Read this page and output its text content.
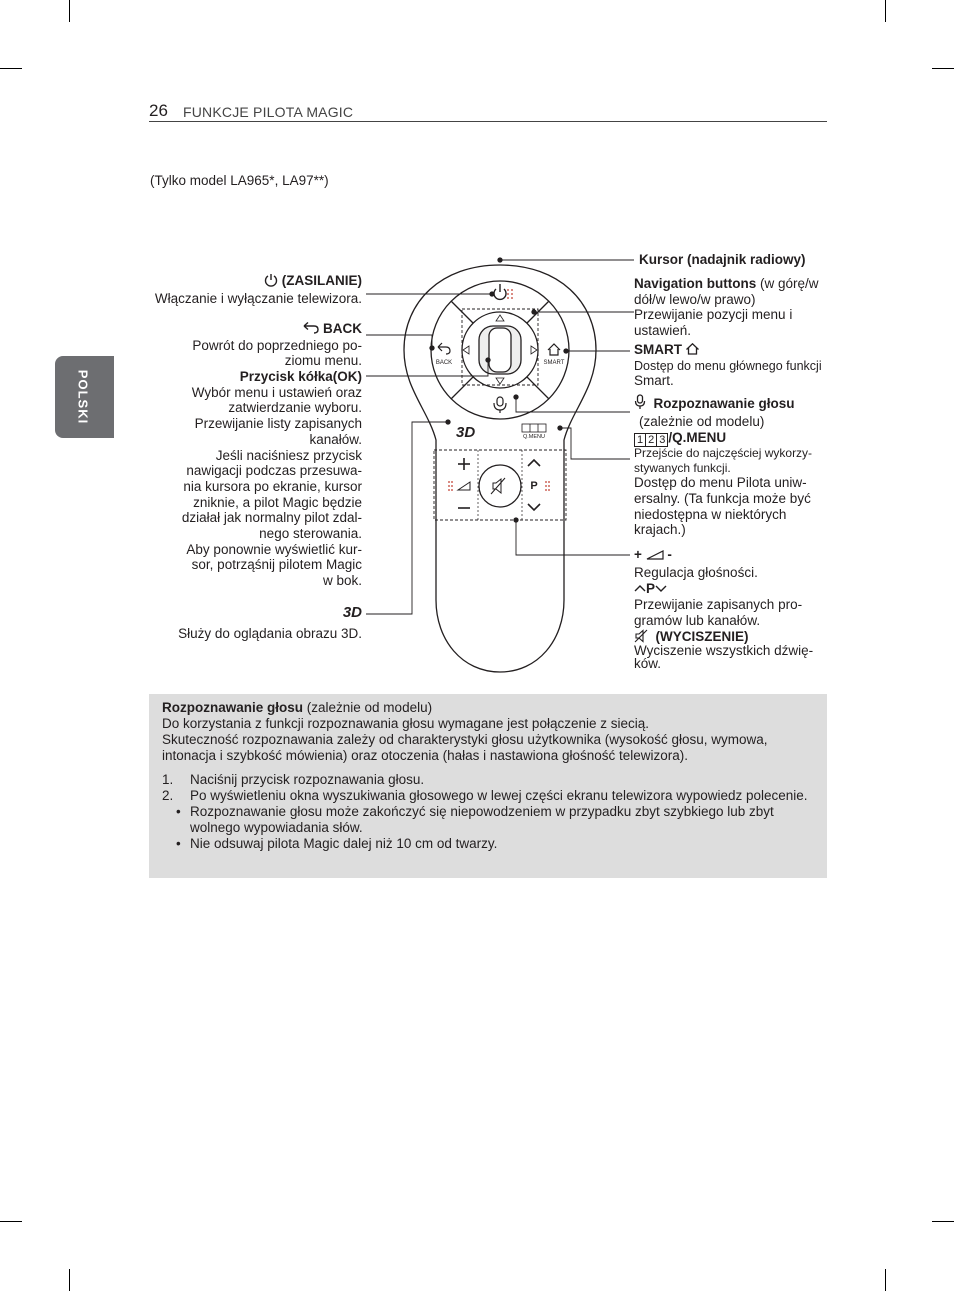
26 FUNKCJE PILOTA MAGIC
POLSKI
(Tylko model LA965*, LA97**)
BACK	SMART
3D	Q.MENU
P
(ZASILANIE)
Włączanie i wyłączanie telewizora.
BACK
Powrót do poprzedniego po-
ziomu menu.
Przycisk kółka(OK)
Wybór menu i ustawień oraz
zatwierdzanie wyboru.
Przewijanie listy zapisanych
kanałów.
Jeśli naciśniesz przycisk
nawigacji podczas przesuwa-
nia kursora po ekranie, kursor
zniknie, a pilot Magic będzie
działał jak normalny pilot zdal-
nego sterowania.
Aby ponownie wyświetlić kur-
sor, potrząśnij pilotem Magic
w bok.
3D
Służy do oglądania obrazu 3D.
Kursor (nadajnik radiowy)
Navigation buttons (w górę/w
dół/w lewo/w prawo)
Przewijanie pozycji menu i
ustawień.
SMART
Dostęp do menu głównego funkcji
Smart.
Rozpoznawanie głosu
(zależnie od modelu)
1 2 3 /Q.MENU
Przejście do najczęściej wykorzy-
stywanych funkcji.
Dostęp do menu Pilota uniw-
ersalny. (Ta funkcja może być
niedostępna w niektórych
krajach.)
+ -
Regulacja głośności.
P
Przewijanie zapisanych pro-
gramów lub kanałów.
(WYCISZENIE)
Wyciszenie wszystkich dźwię-
ków.

Rozpoznawanie głosu (zależnie od modelu)

Do korzystania z funkcji rozpoznawania głosu wymagane jest połączenie z siecią.

Skuteczność rozpoznawania zależy od charakterystyki głosu użytkownika (wysokość głosu, wymowa, intonacja i szybkość mówienia) oraz otoczenia (hałas i nastawiona głośność telewizora).

1. Naciśnij przycisk rozpoznawania głosu.
2. Po wyświetleniu okna wyszukiwania głosowego w lewej części ekranu telewizora wypowiedz polecenie.
• Rozpoznawanie głosu może zakończyć się niepowodzeniem w przypadku zbyt szybkiego lub zbyt wolnego wypowiadania słów.
• Nie odsuwaj pilota Magic dalej niż 10 cm od twarzy.
